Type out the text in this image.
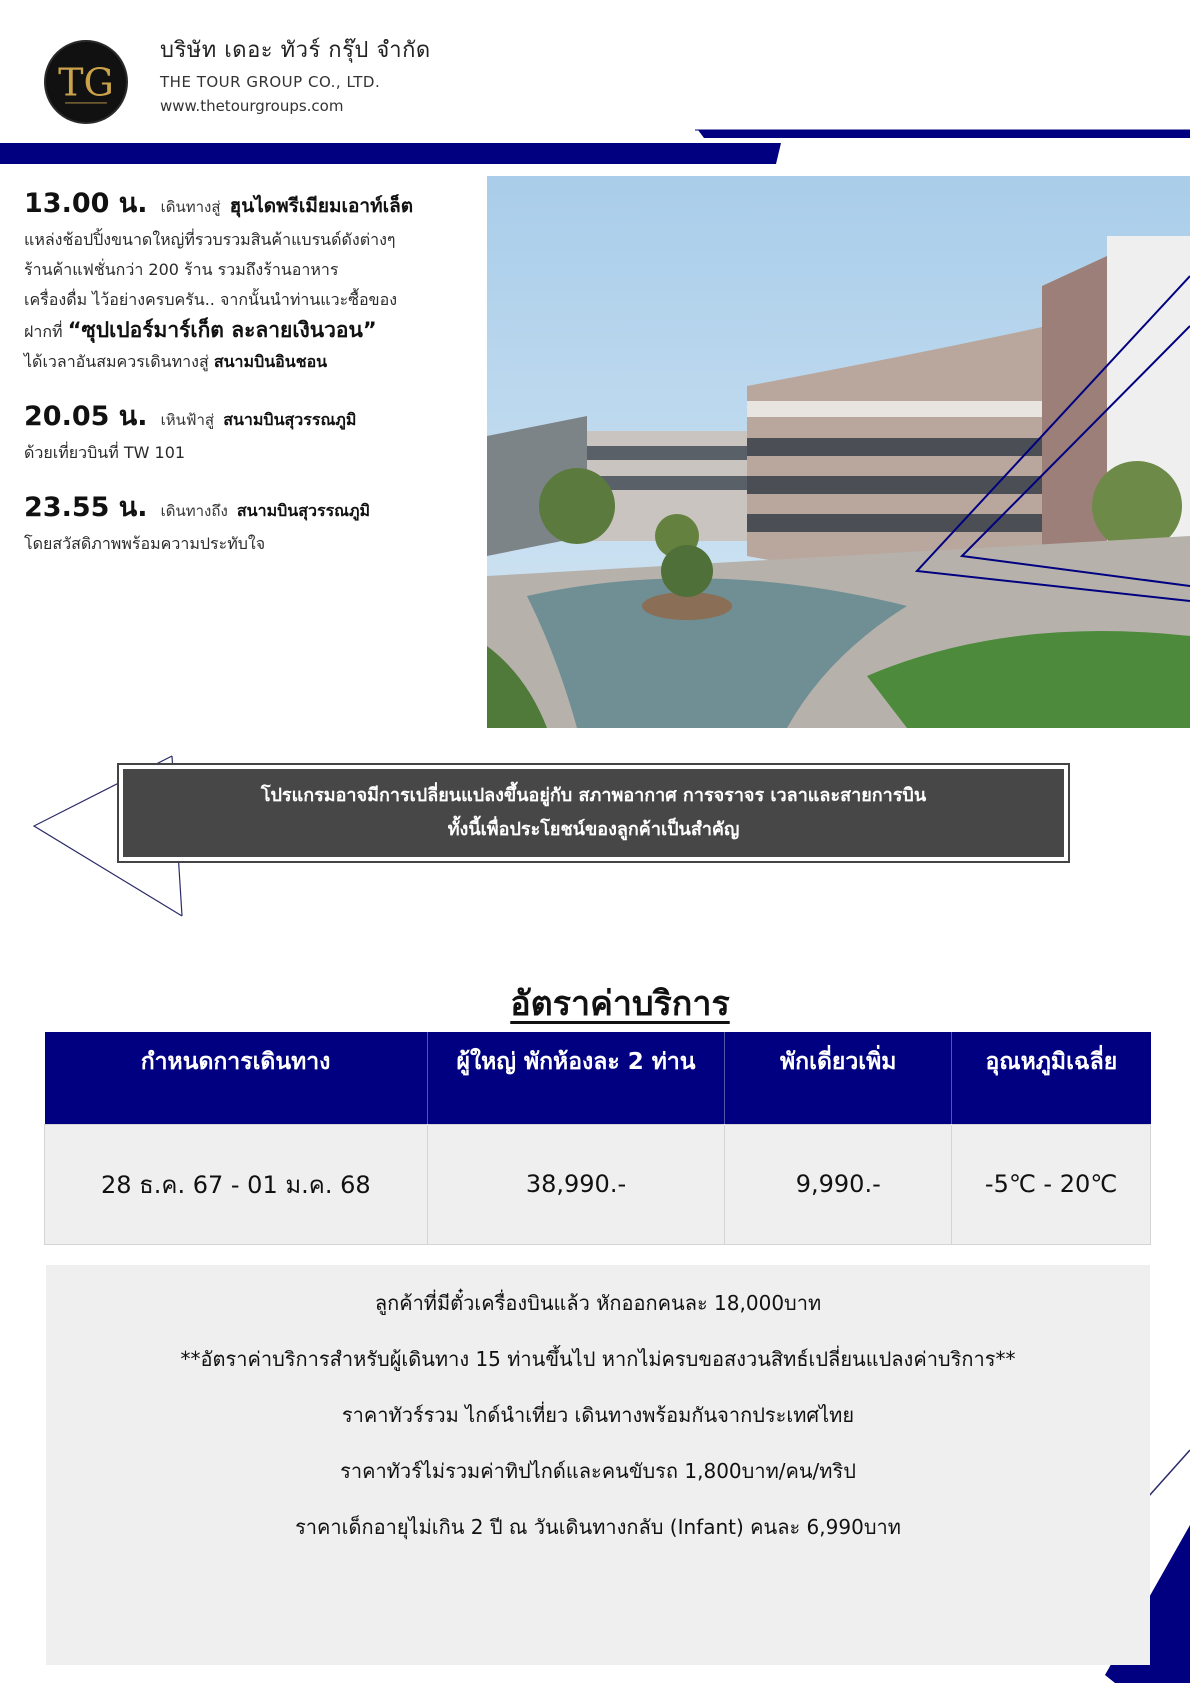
TG
บริษัท เดอะ ทัวร์ กรุ๊ป จำกัด
THE TOUR GROUP CO., LTD.
www.thetourgroups.com
13.00 น. เดินทางสู่ ฮุนไดพรีเมียมเอาท์เล็ต
แหล่งช้อปปิ้งขนาดใหญ่ที่รวบรวมสินค้าแบรนด์ดังต่างๆ
ร้านค้าแฟชั่นกว่า 200 ร้าน รวมถึงร้านอาหาร
เครื่องดื่ม ไว้อย่างครบครัน.. จากนั้นนำท่านแวะซื้อของ
ฝากที่ “ซุปเปอร์มาร์เก็ต ละลายเงินวอน”
ได้เวลาอันสมควรเดินทางสู่ สนามบินอินชอน
20.05 น. เหินฟ้าสู่ สนามบินสุวรรณภูมิ
ด้วยเที่ยวบินที่ TW 101
23.55 น. เดินทางถึง สนามบินสุวรรณภูมิ
โดยสวัสดิภาพพร้อมความประทับใจ
โปรแกรมอาจมีการเปลี่ยนแปลงขึ้นอยู่กับ สภาพอากาศ การจราจร เวลาและสายการบิน
ทั้งนี้เพื่อประโยชน์ของลูกค้าเป็นสำคัญ
อัตราค่าบริการ
กำหนดการเดินทาง	ผู้ใหญ่ พักห้องละ 2 ท่าน	พักเดี่ยวเพิ่ม	อุณหภูมิเฉลี่ย
28 ธ.ค. 67 - 01 ม.ค. 68	38,990.-	9,990.-	-5℃ - 20℃
ลูกค้าที่มีตั๋วเครื่องบินแล้ว หักออกคนละ 18,000บาท
**อัตราค่าบริการสำหรับผู้เดินทาง 15 ท่านขึ้นไป หากไม่ครบขอสงวนสิทธ์เปลี่ยนแปลงค่าบริการ**
ราคาทัวร์รวม ไกด์นำเที่ยว เดินทางพร้อมกันจากประเทศไทย
ราคาทัวร์ไม่รวมค่าทิปไกด์และคนขับรถ 1,800บาท/คน/ทริป
ราคาเด็กอายุไม่เกิน 2 ปี ณ วันเดินทางกลับ (Infant) คนละ 6,990บาท
